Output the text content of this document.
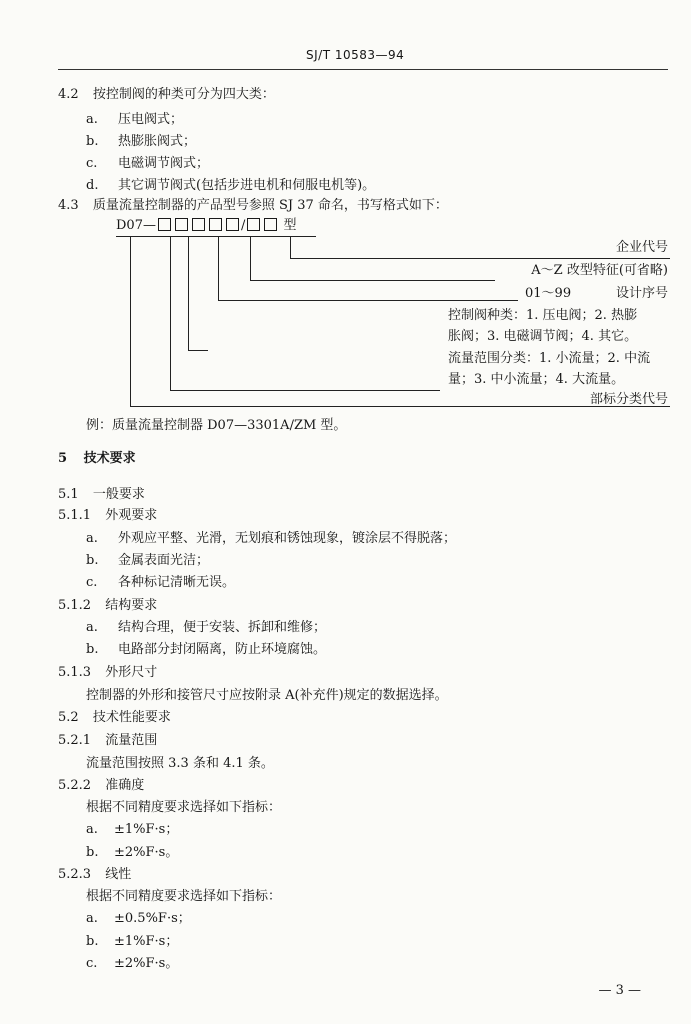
SJ/T 10583—94
4.2 按控制阀的种类可分为四大类：
a. 压电阀式；
b. 热膨胀阀式；
c. 电磁调节阀式；
d. 其它调节阀式(包括步进电机和伺服电机等)。
4.3 质量流量控制器的产品型号参照 SJ 37 命名，书写格式如下：
D07—	/	型
企业代号
A～Z 改型特征(可省略)
01～99	设计序号
控制阀种类：1. 压电阀；2. 热膨
胀阀；3. 电磁调节阀；4. 其它。
流量范围分类：1. 小流量；2. 中流
量；3. 中小流量；4. 大流量。
部标分类代号
例：质量流量控制器 D07—3301A/ZM 型。
5 技术要求
5.1 一般要求
5.1.1 外观要求
a. 外观应平整、光滑，无划痕和锈蚀现象，镀涂层不得脱落；
b. 金属表面光洁；
c. 各种标记清晰无误。
5.1.2 结构要求
a. 结构合理，便于安装、拆卸和维修；
b. 电路部分封闭隔离，防止环境腐蚀。
5.1.3 外形尺寸
控制器的外形和接管尺寸应按附录 A(补充件)规定的数据选择。
5.2 技术性能要求
5.2.1 流量范围
流量范围按照 3.3 条和 4.1 条。
5.2.2 准确度
根据不同精度要求选择如下指标：
a. ±1%F·s；
b. ±2%F·s。
5.2.3 线性
根据不同精度要求选择如下指标：
a. ±0.5%F·s；
b. ±1%F·s；
c. ±2%F·s。
— 3 —
